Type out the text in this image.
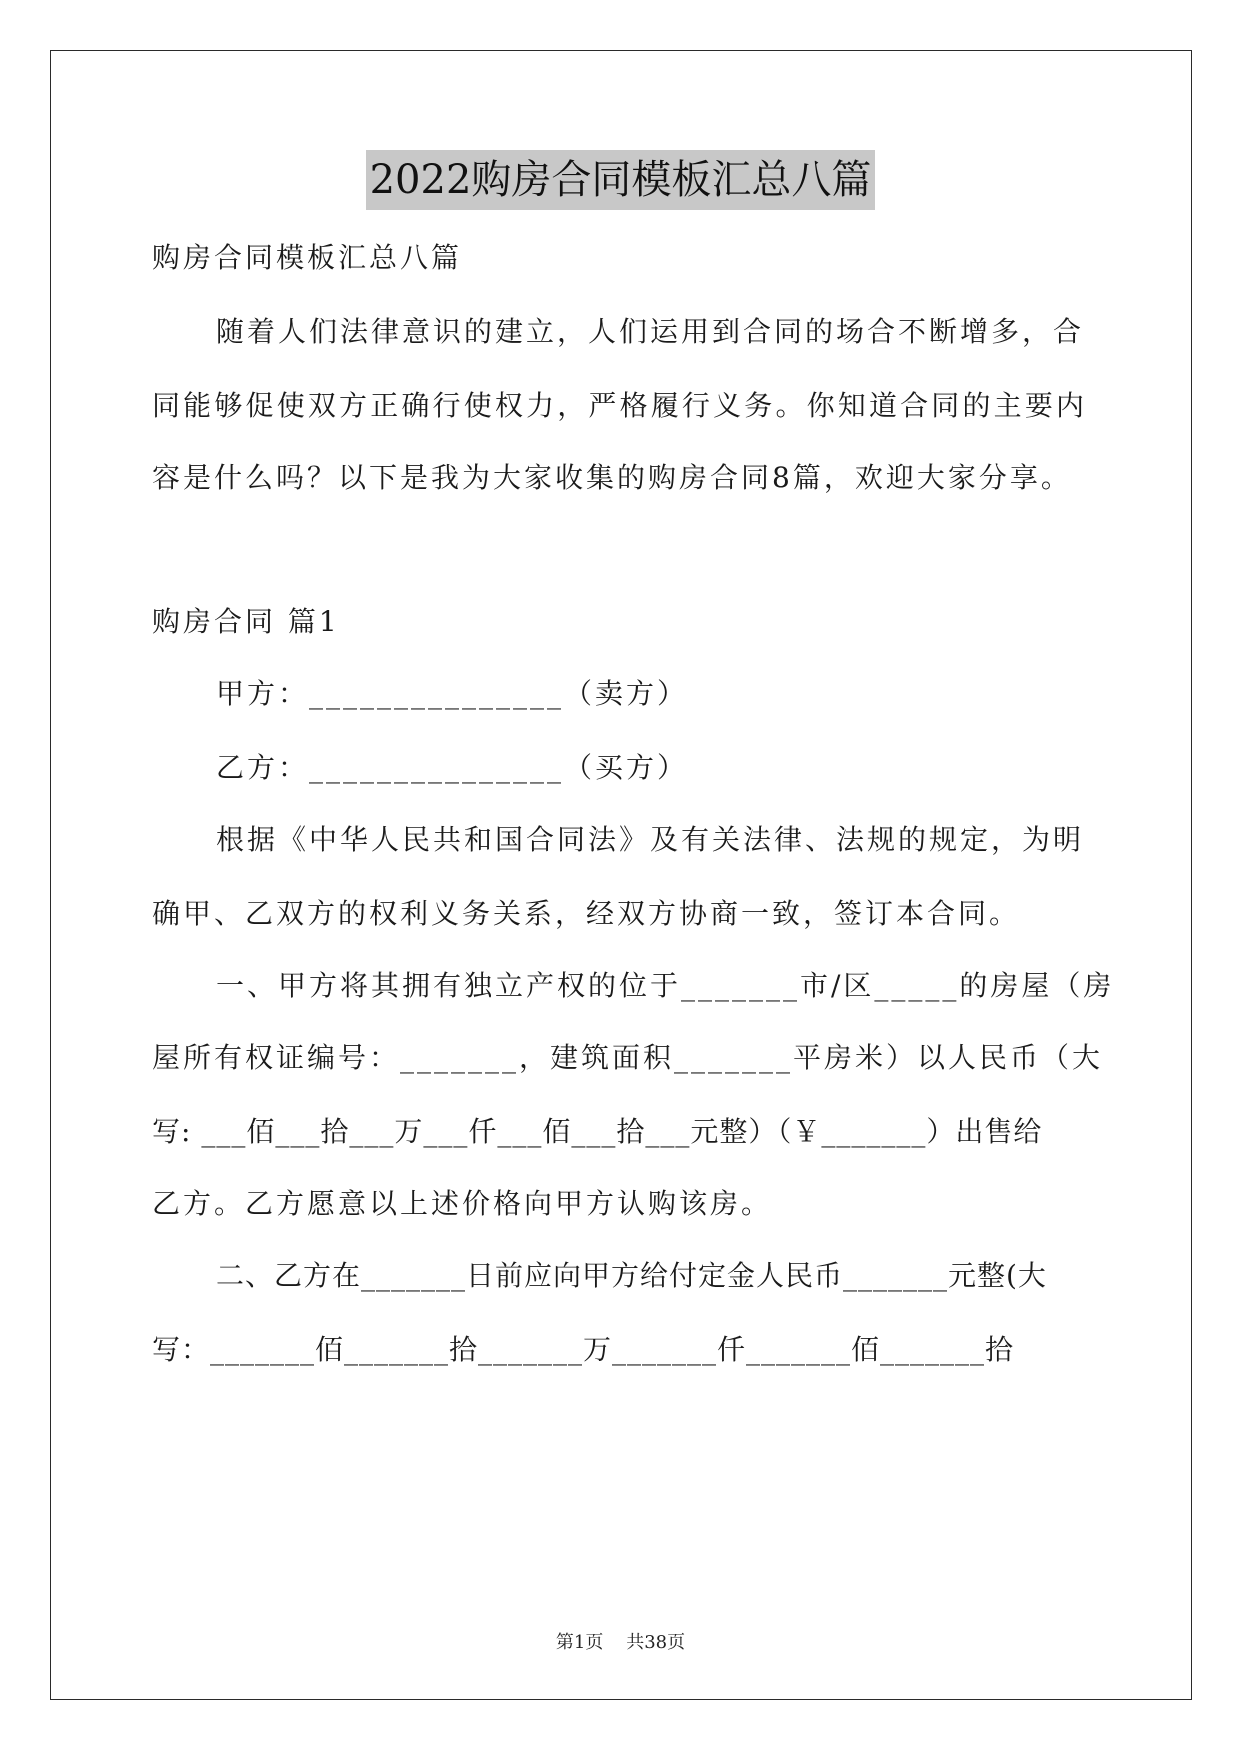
2022购房合同模板汇总八篇
购房合同模板汇总八篇
随着人们法律意识的建立，人们运用到合同的场合不断增多，合
同能够促使双方正确行使权力，严格履行义务。你知道合同的主要内
容是什么吗？以下是我为大家收集的购房合同8篇，欢迎大家分享。
购房合同 篇1
甲方：_______________（卖方）
乙方：_______________（买方）
根据《中华人民共和国合同法》及有关法律、法规的规定，为明
确甲、乙双方的权利义务关系，经双方协商一致，签订本合同。
一、甲方将其拥有独立产权的位于_______市/区_____的房屋（房
屋所有权证编号：_______，建筑面积_______平房米）以人民币（大
写: ___佰___拾___万___仟___佰___拾___元整）（￥_______）出售给
乙方。乙方愿意以上述价格向甲方认购该房。
二、乙方在_______日前应向甲方给付定金人民币_______元整(大
写：_______佰_______拾_______万_______仟_______佰_______拾
第1页    共38页
